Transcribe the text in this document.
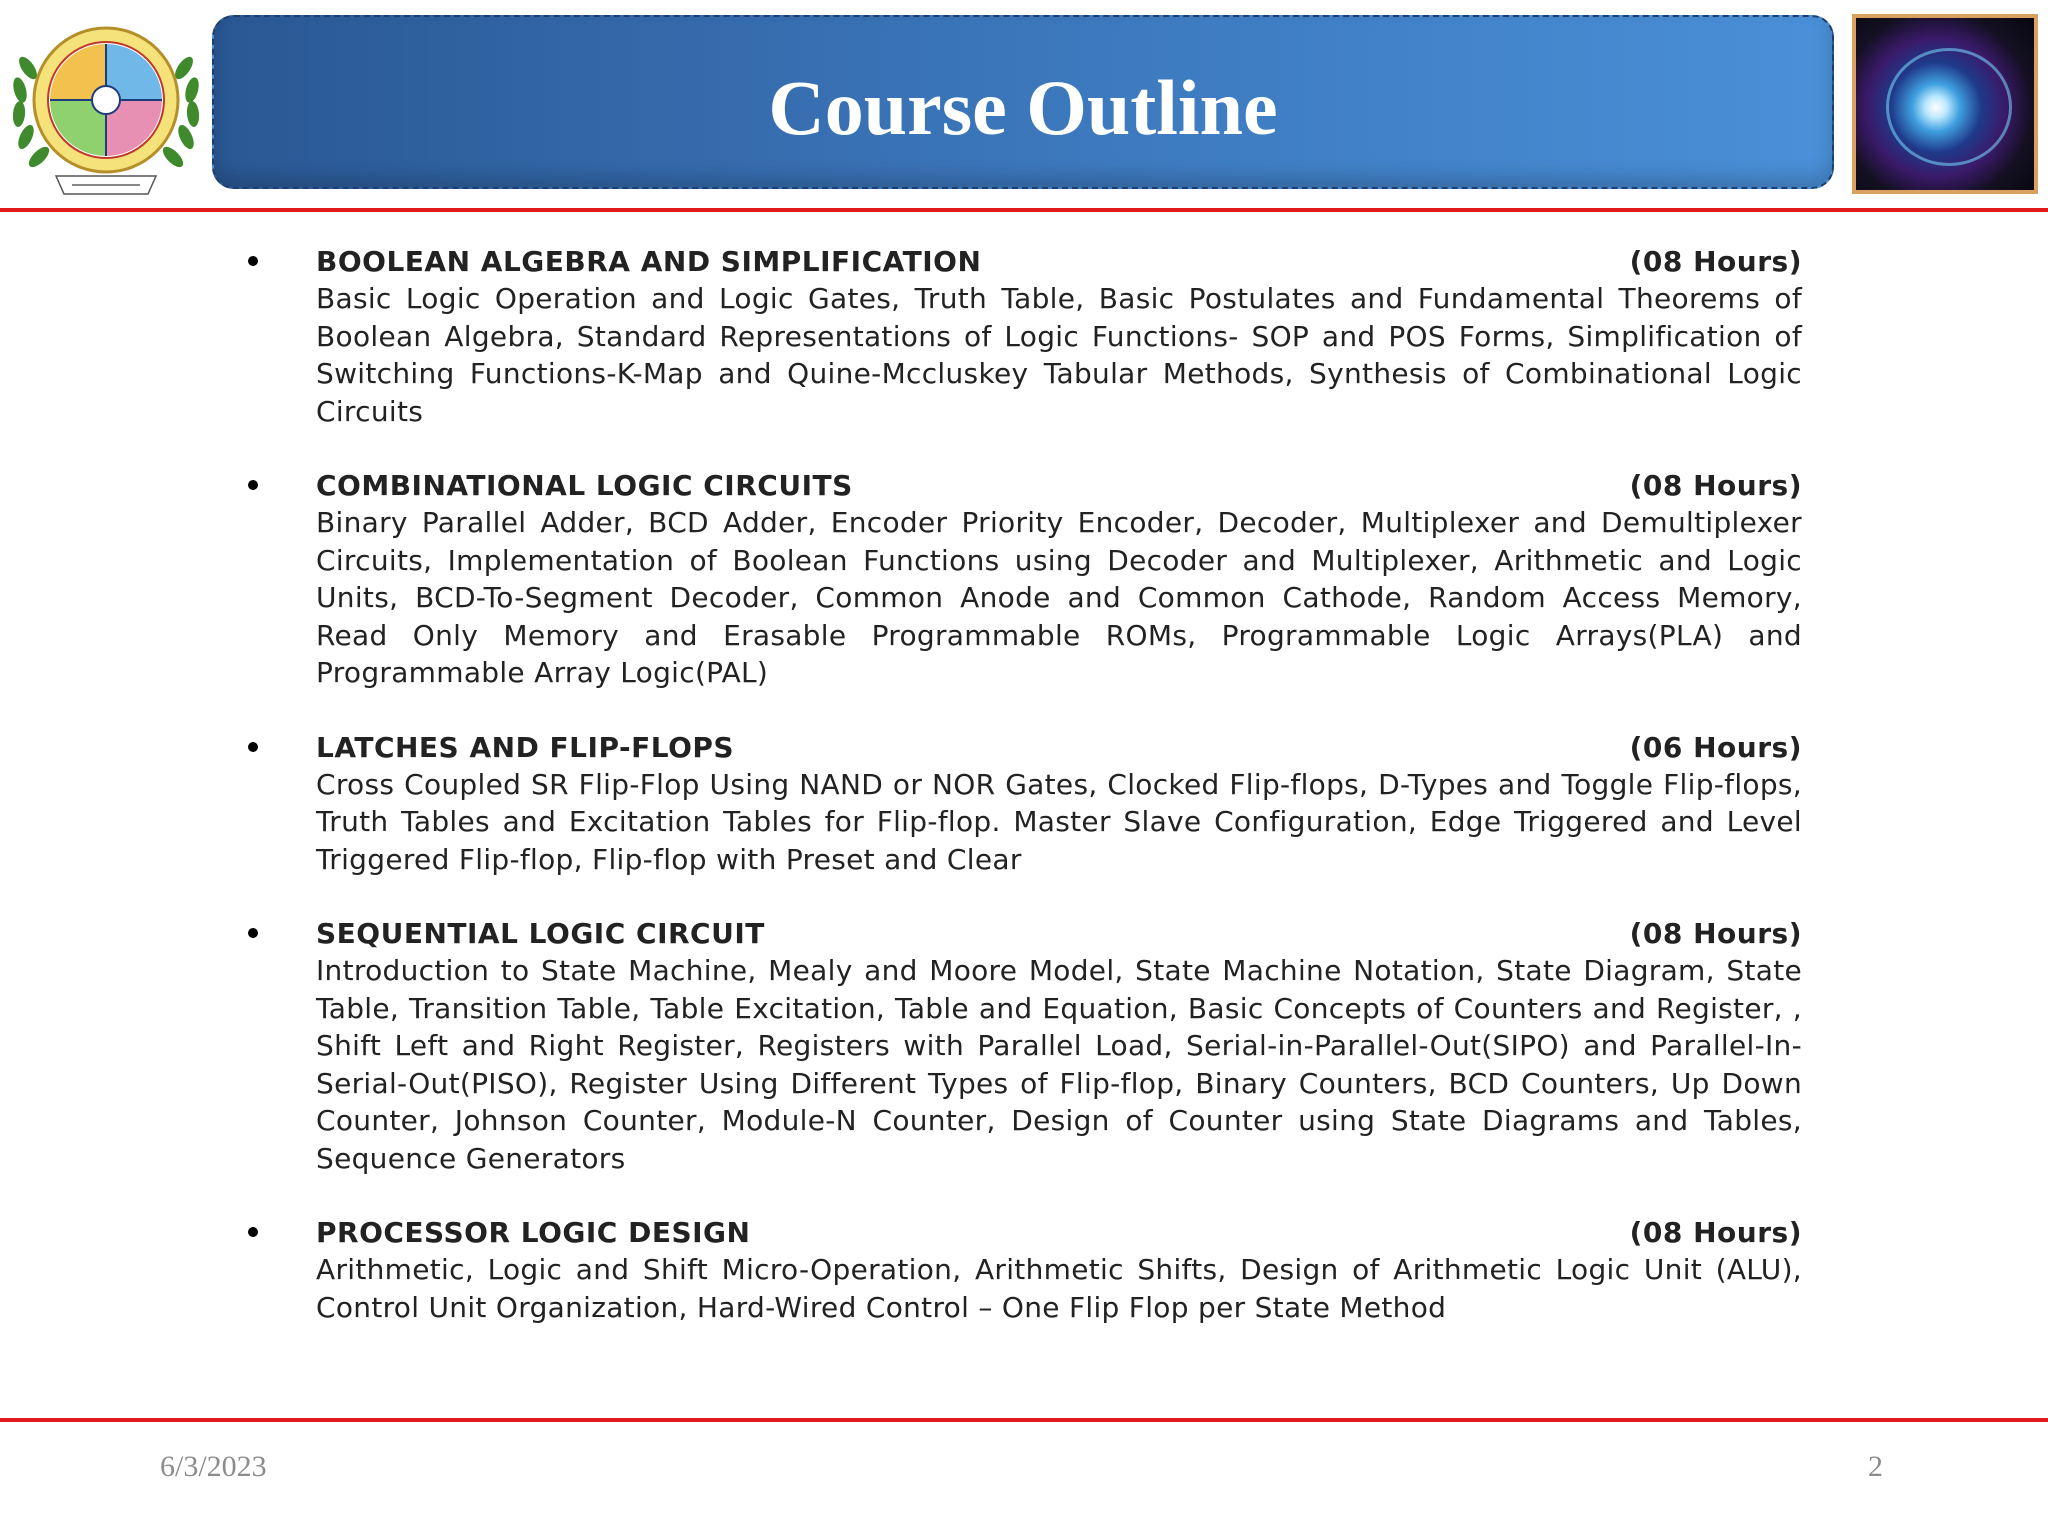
Course Outline
BOOLEAN ALGEBRA AND SIMPLIFICATION	(08 Hours)
Basic Logic Operation and Logic Gates, Truth Table, Basic Postulates and Fundamental Theorems of Boolean Algebra, Standard Representations of Logic Functions- SOP and POS Forms, Simplification of Switching Functions-K-Map and Quine-Mccluskey Tabular Methods, Synthesis of Combinational Logic Circuits
COMBINATIONAL LOGIC CIRCUITS	(08 Hours)
Binary Parallel Adder, BCD Adder, Encoder Priority Encoder, Decoder, Multiplexer and Demultiplexer Circuits, Implementation of Boolean Functions using Decoder and Multiplexer, Arithmetic and Logic Units, BCD-To-Segment Decoder, Common Anode and Common Cathode, Random Access Memory, Read Only Memory and Erasable Programmable ROMs, Programmable Logic Arrays(PLA) and Programmable Array Logic(PAL)
LATCHES AND FLIP-FLOPS	(06 Hours)
Cross Coupled SR Flip-Flop Using NAND or NOR Gates, Clocked Flip-flops, D-Types and Toggle Flip-flops, Truth Tables and Excitation Tables for Flip-flop. Master Slave Configuration, Edge Triggered and Level Triggered Flip-flop, Flip-flop with Preset and Clear
SEQUENTIAL LOGIC CIRCUIT	(08 Hours)
Introduction to State Machine, Mealy and Moore Model, State Machine Notation, State Diagram, State Table, Transition Table, Table Excitation, Table and Equation, Basic Concepts of Counters and Register, , Shift Left and Right Register, Registers with Parallel Load, Serial-in-Parallel-Out(SIPO) and Parallel-In-Serial-Out(PISO), Register Using Different Types of Flip-flop, Binary Counters, BCD Counters, Up Down Counter, Johnson Counter, Module-N Counter, Design of Counter using State Diagrams and Tables, Sequence Generators
PROCESSOR LOGIC DESIGN	(08 Hours)
Arithmetic, Logic and Shift Micro-Operation, Arithmetic Shifts, Design of Arithmetic Logic Unit (ALU), Control Unit Organization, Hard-Wired Control – One Flip Flop per State Method
6/3/2023	2
